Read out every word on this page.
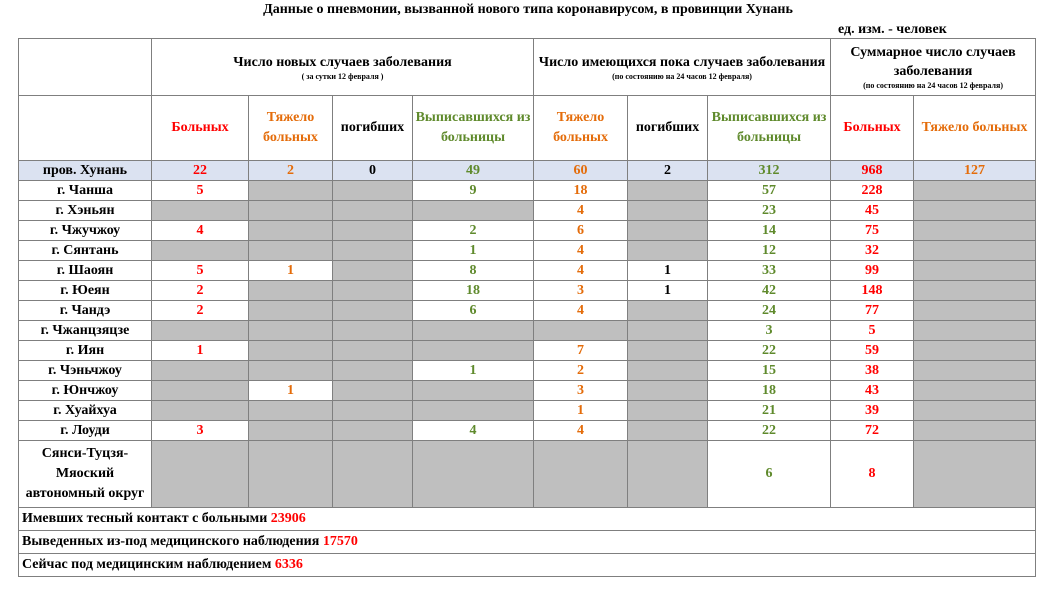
Данные о пневмонии, вызванной нового типа коронавирусом, в провинции Хунань
ед. изм. - человек
	Число новых случаев заболевания
( за сутки 12 февраля )				Число имеющихся пока случаев заболевания
(по состоянию на 24 часов 12 февраля)			Суммарное число случаев заболевания
(по состоянию на 24 часов 12 февраля)	

	Больных	Тяжело больных	погибших	Выписавшихся из больницы	Тяжело больных	погибших	Выписавшихся из больницы	Больных	Тяжело больных
пров. Хунань	22	2	0	49	60	2	312	968	127
г. Чанша	5			9	18		57	228	
г. Хэньян					4		23	45	
г. Чжучжоу	4			2	6		14	75	
г. Сянтань				1	4		12	32	
г. Шаоян	5	1		8	4	1	33	99	
г. Юеян	2			18	3	1	42	148	
г. Чандэ	2			6	4		24	77	
г. Чжанцзяцзе							3	5	
г. Иян	1				7		22	59	
г. Чэньчжоу				1	2		15	38	
г. Юнчжоу		1			3		18	43	
г. Хуайхуа					1		21	39	
г. Лоуди	3			4	4		22	72	
Сянси-Туцзя-Мяоский автономный округ							6	8	
Имевших тесный контакт с больными 23906									
Выведенных из-под медицинского наблюдения 17570									
Сейчас под медицинским наблюдением 6336									
